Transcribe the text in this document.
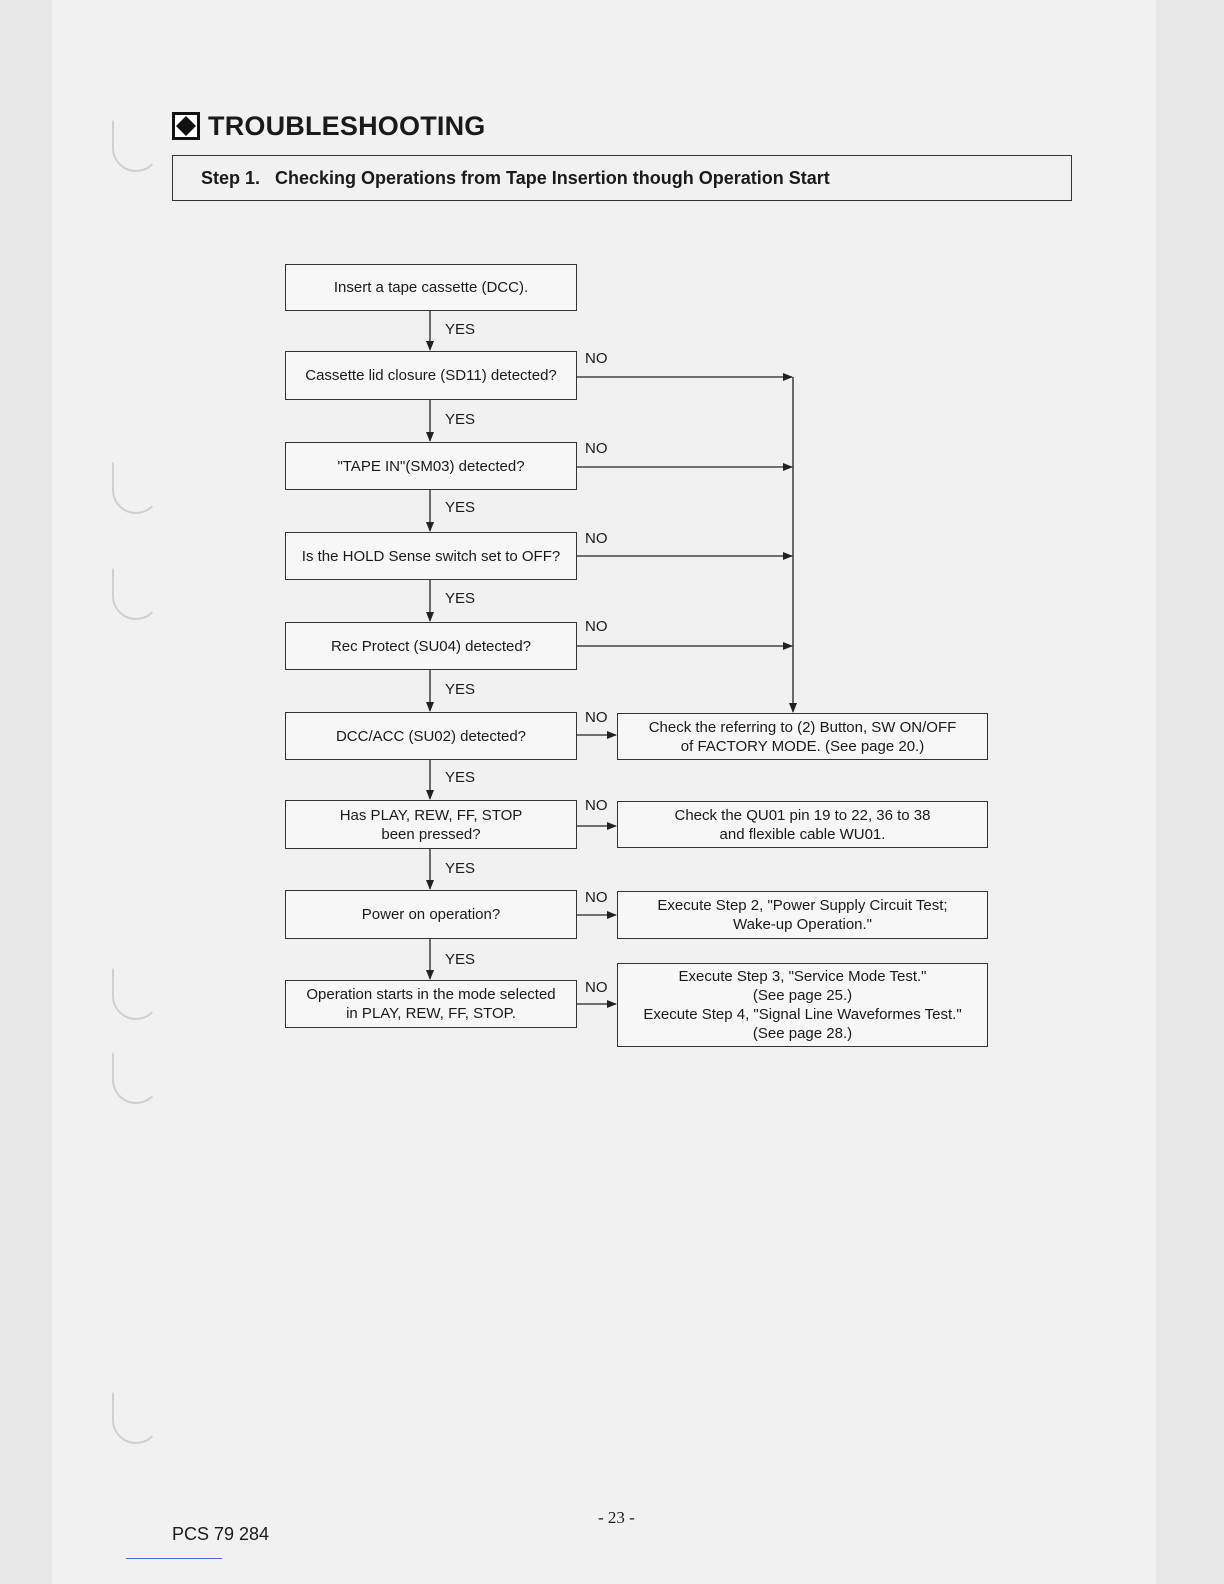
TROUBLESHOOTING
Step 1.   Checking Operations from Tape Insertion though Operation Start
Insert a tape cassette (DCC).
Cassette lid closure (SD11) detected?
"TAPE IN"(SM03) detected?
Is the HOLD Sense switch set to OFF?
Rec Protect (SU04) detected?
DCC/ACC (SU02) detected?
Has PLAY, REW, FF, STOP
been pressed?
Power on operation?
Operation starts in the mode selected
in PLAY, REW, FF, STOP.
Check the referring to (2) Button, SW ON/OFF
of FACTORY MODE. (See page 20.)
Check the QU01 pin 19 to 22, 36 to 38
and flexible cable WU01.
Execute Step 2, "Power Supply Circuit Test;
Wake-up Operation."
Execute Step 3, "Service Mode Test."
(See page 25.)
Execute Step 4, "Signal Line Waveformes Test."
(See page 28.)
YES
YES
YES
YES
YES
YES
YES
YES
NO
NO
NO
NO
NO
NO
NO
NO
- 23 -
PCS 79 284
